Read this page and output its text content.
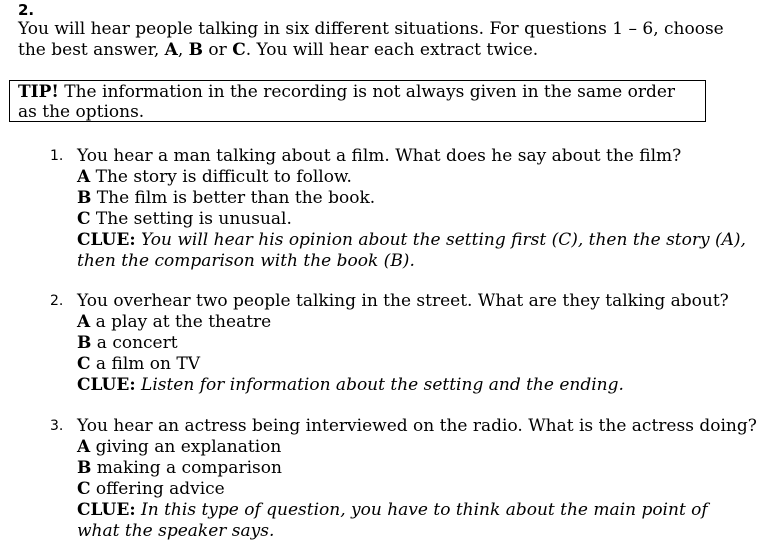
2.
You will hear people talking in six different situations. For questions 1 – 6, choose the best answer, A, B or C. You will hear each extract twice.
TIP! The information in the recording is not always given in the same order as the options.
1. You hear a man talking about a film. What does he say about the film?
A The story is difficult to follow.
B The film is better than the book.
C The setting is unusual.
CLUE: You will hear his opinion about the setting first (C), then the story (A), then the comparison with the book (B).
2. You overhear two people talking in the street. What are they talking about?
A a play at the theatre
B a concert
C a film on TV
CLUE: Listen for information about the setting and the ending.
3. You hear an actress being interviewed on the radio. What is the actress doing?
A giving an explanation
B making a comparison
C offering advice
CLUE: In this type of question, you have to think about the main point of what the speaker says.
